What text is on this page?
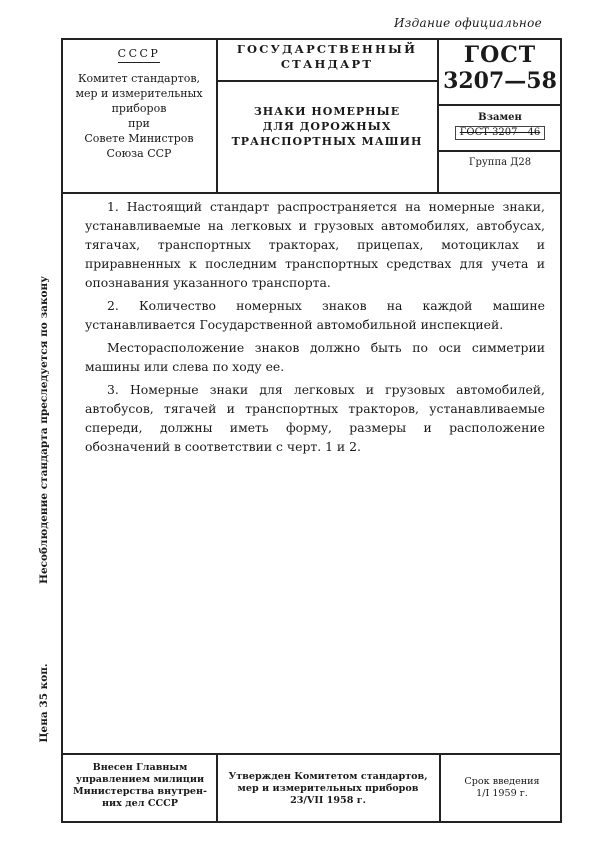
Издание официальное
СССР
Комитет стандартов,
мер и измерительных
приборов
при
Совете Министров
Союза ССР
ГОСУДАРСТВЕННЫЙ
СТАНДАРТ
ЗНАКИ НОМЕРНЫЕ
ДЛЯ ДОРОЖНЫХ
ТРАНСПОРТНЫХ МАШИН
ГОСТ
3207—58
Взамен
ГОСТ 3207—46
Группа Д28

1. Настоящий стандарт распространяется на номерные знаки, устанавливаемые на легковых и грузовых автомобилях, автобусах, тягачах, транспортных тракторах, прицепах, мотоциклах и приравненных к последним транспортных средствах для учета и опознавания указанного транспорта.

2. Количество номерных знаков на каждой машине устанавливается Государственной автомобильной инспекцией.

Месторасположение знаков должно быть по оси симметрии машины или слева по ходу ее.

3. Номерные знаки для легковых и грузовых автомобилей, автобусов, тягачей и транспортных тракторов, устанавливаемые спереди, должны иметь форму, размеры и расположение обозначений в соответствии с черт. 1 и 2.

Внесен Главным
управлением милиции
Министерства внутрен-
них дел СССР
Утвержден Комитетом стандартов,
мер и измерительных приборов
23/VII 1958 г.
Срок введения
1/I 1959 г.
Несоблюдение стандарта преследуется по закону
Цена 35 коп.
